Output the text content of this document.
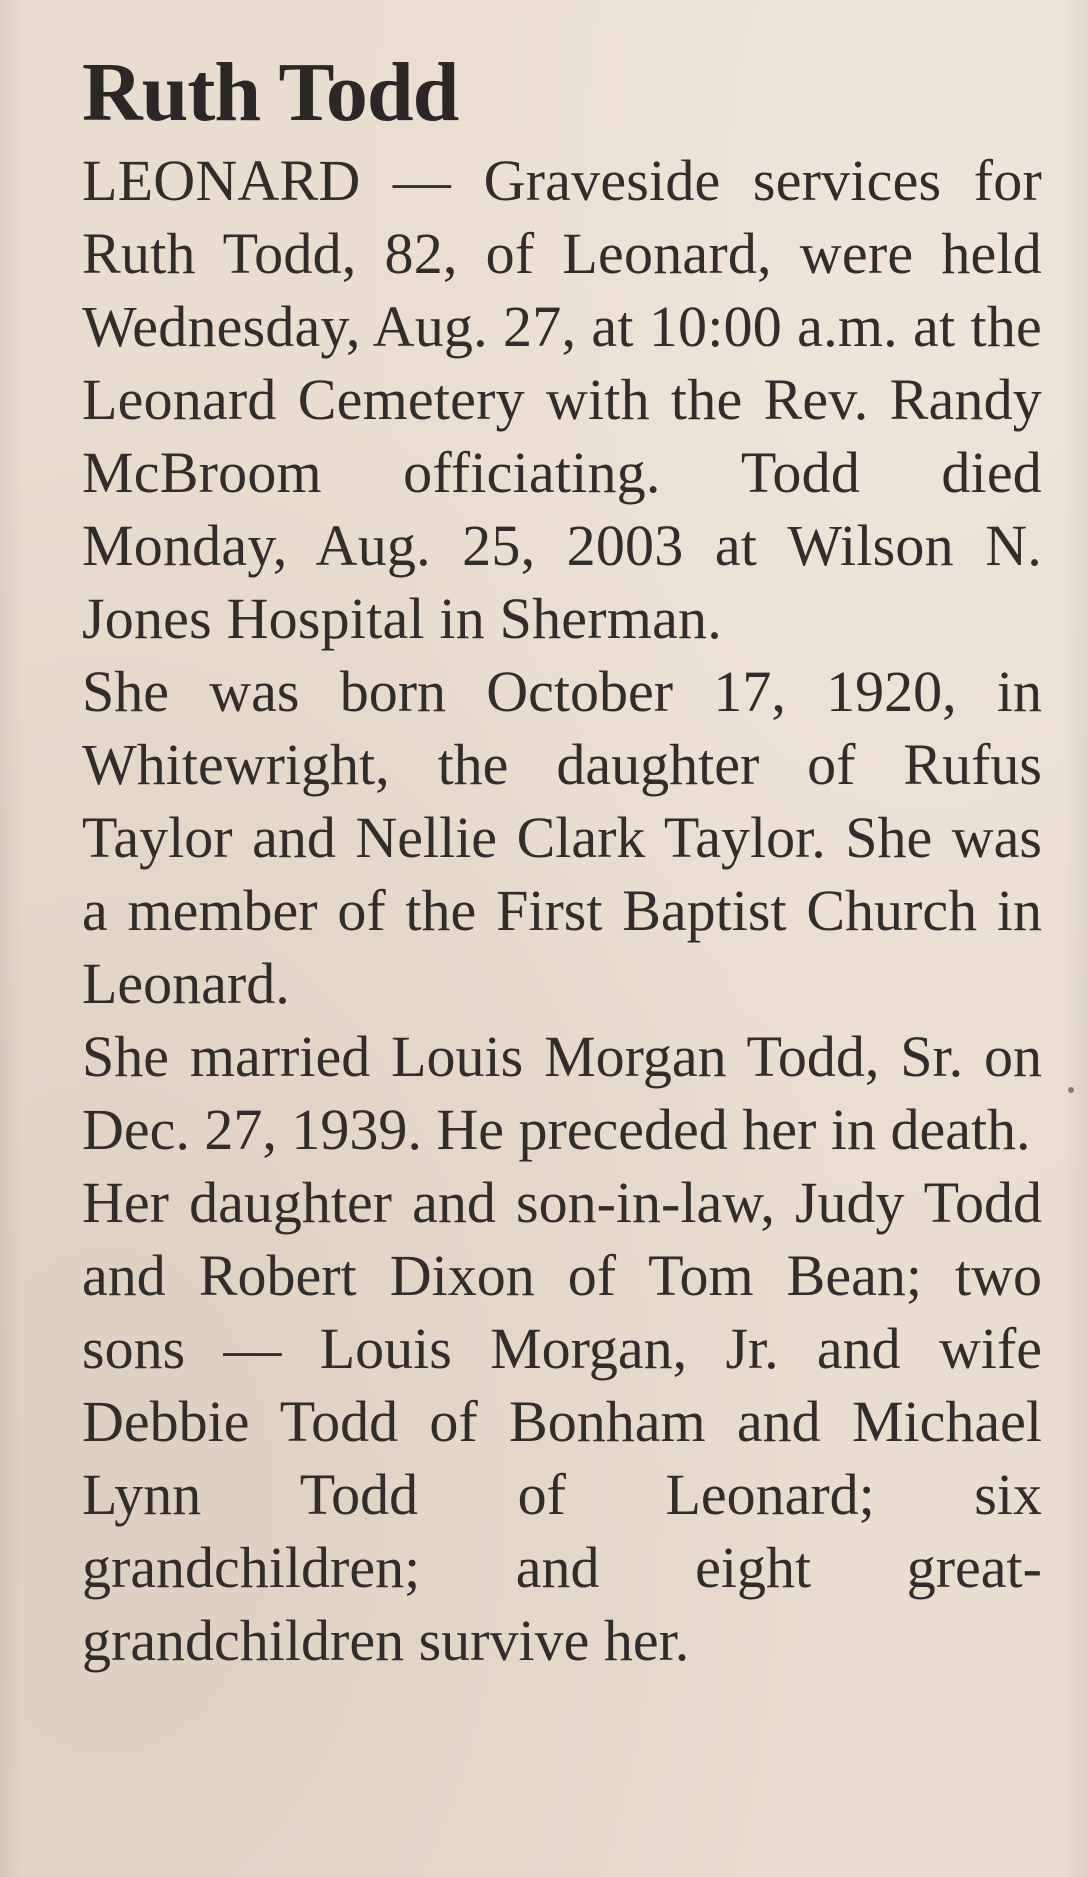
Ruth Todd

LEONARD — Graveside services for Ruth Todd, 82, of Leonard, were held Wednesday, Aug. 27, at 10:00 a.m. at the Leonard Cemetery with the Rev. Randy McBroom officiating. Todd died Monday, Aug. 25, 2003 at Wilson N. Jones Hospital in Sherman.

She was born October 17, 1920, in Whitewright, the daughter of Rufus Taylor and Nellie Clark Taylor. She was a member of the First Baptist Church in Leonard.

She married Louis Morgan Todd, Sr. on Dec. 27, 1939. He preceded her in death.

Her daughter and son-in-law, Judy Todd and Robert Dixon of Tom Bean; two sons — Louis Morgan, Jr. and wife Debbie Todd of Bonham and Michael Lynn Todd of Leonard; six grandchildren; and eight greatgrandchildren survive her.
